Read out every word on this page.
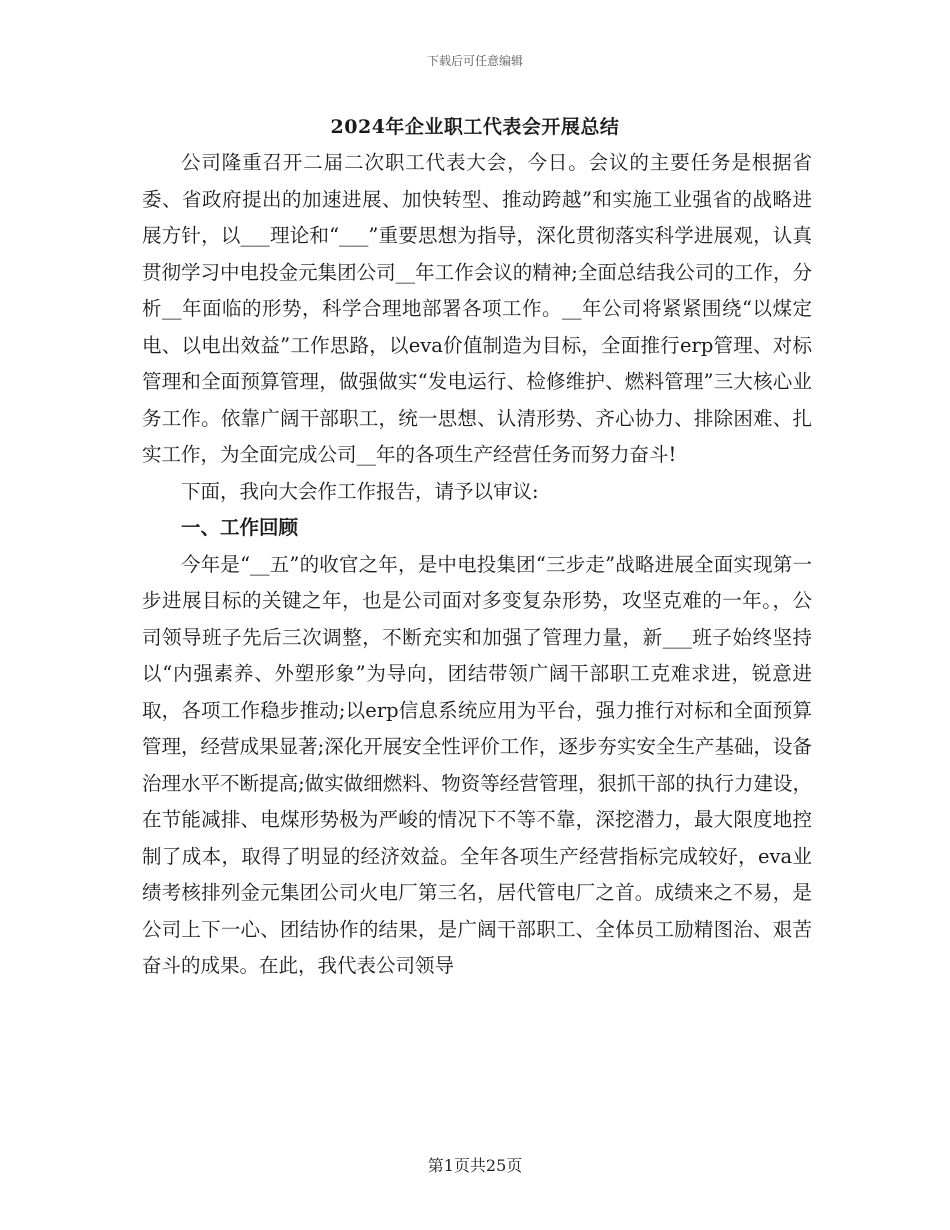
下载后可任意编辑
2024年企业职工代表会开展总结

公司隆重召开二届二次职工代表大会，今日。会议的主要任务是根据省委、省政府提出的加速进展、加快转型、推动跨越”和实施工业强省的战略进展方针，以___理论和“___”重要思想为指导，深化贯彻落实科学进展观，认真贯彻学习中电投金元集团公司__年工作会议的精神;全面总结我公司的工作，分析__年面临的形势，科学合理地部署各项工作。__年公司将紧紧围绕“以煤定电、以电出效益”工作思路，以eva价值制造为目标，全面推行erp管理、对标管理和全面预算管理，做强做实“发电运行、检修维护、燃料管理”三大核心业务工作。依靠广阔干部职工，统一思想、认清形势、齐心协力、排除困难、扎实工作，为全面完成公司__年的各项生产经营任务而努力奋斗!

下面，我向大会作工作报告，请予以审议:

一、工作回顾

今年是“__五”的收官之年，是中电投集团“三步走”战略进展全面实现第一步进展目标的关键之年，也是公司面对多变复杂形势，攻坚克难的一年。，公司领导班子先后三次调整，不断充实和加强了管理力量，新___班子始终坚持以“内强素养、外塑形象”为导向，团结带领广阔干部职工克难求进，锐意进取，各项工作稳步推动;以erp信息系统应用为平台，强力推行对标和全面预算管理，经营成果显著;深化开展安全性评价工作，逐步夯实安全生产基础，设备治理水平不断提高;做实做细燃料、物资等经营管理，狠抓干部的执行力建设，在节能减排、电煤形势极为严峻的情况下不等不靠，深挖潜力，最大限度地控制了成本，取得了明显的经济效益。全年各项生产经营指标完成较好，eva业绩考核排列金元集团公司火电厂第三名，居代管电厂之首。成绩来之不易，是公司上下一心、团结协作的结果，是广阔干部职工、全体员工励精图治、艰苦奋斗的成果。在此，我代表公司领导

第1页共25页
